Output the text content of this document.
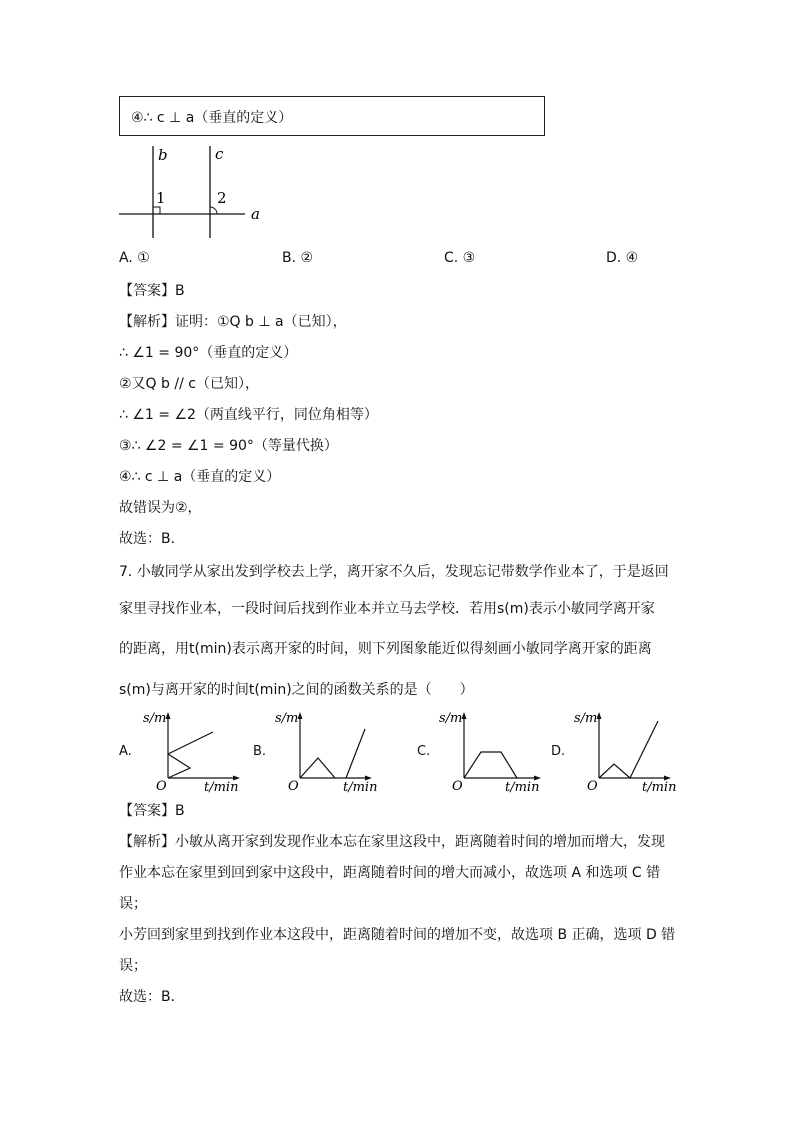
④∴ c ⊥ a（垂直的定义）
b	c
1	2
a
A. ①	B. ②	C. ③	D. ④
【答案】B
【解析】证明：①Q b ⊥ a（已知），
∴ ∠1 = 90°（垂直的定义）
②又Q b // c（已知），
∴ ∠1 = ∠2（两直线平行，同位角相等）
③∴ ∠2 = ∠1 = 90°（等量代换）
④∴ c ⊥ a（垂直的定义）
故错误为②，
故选：B．
7. 小敏同学从家出发到学校去上学，离开家不久后，发现忘记带数学作业本了，于是返回
家里寻找作业本，一段时间后找到作业本并立马去学校．若用s(m)表示小敏同学离开家
的距离，用t(min)表示离开家的时间，则下列图象能近似得刻画小敏同学离开家的距离
s(m)与离开家的时间t(min)之间的函数关系的是（　　）
A.	B.	C.	D.
s/m
O	t/min
s/m
O	t/min
s/m
O	t/min
s/m
O	t/min
【答案】B
【解析】小敏从离开家到发现作业本忘在家里这段中，距离随着时间的增加而增大，发现
作业本忘在家里到回到家中这段中，距离随着时间的增大而减小，故选项 A 和选项 C 错
误；
小芳回到家里到找到作业本这段中，距离随着时间的增加不变，故选项 B 正确，选项 D 错
误；
故选：B．
